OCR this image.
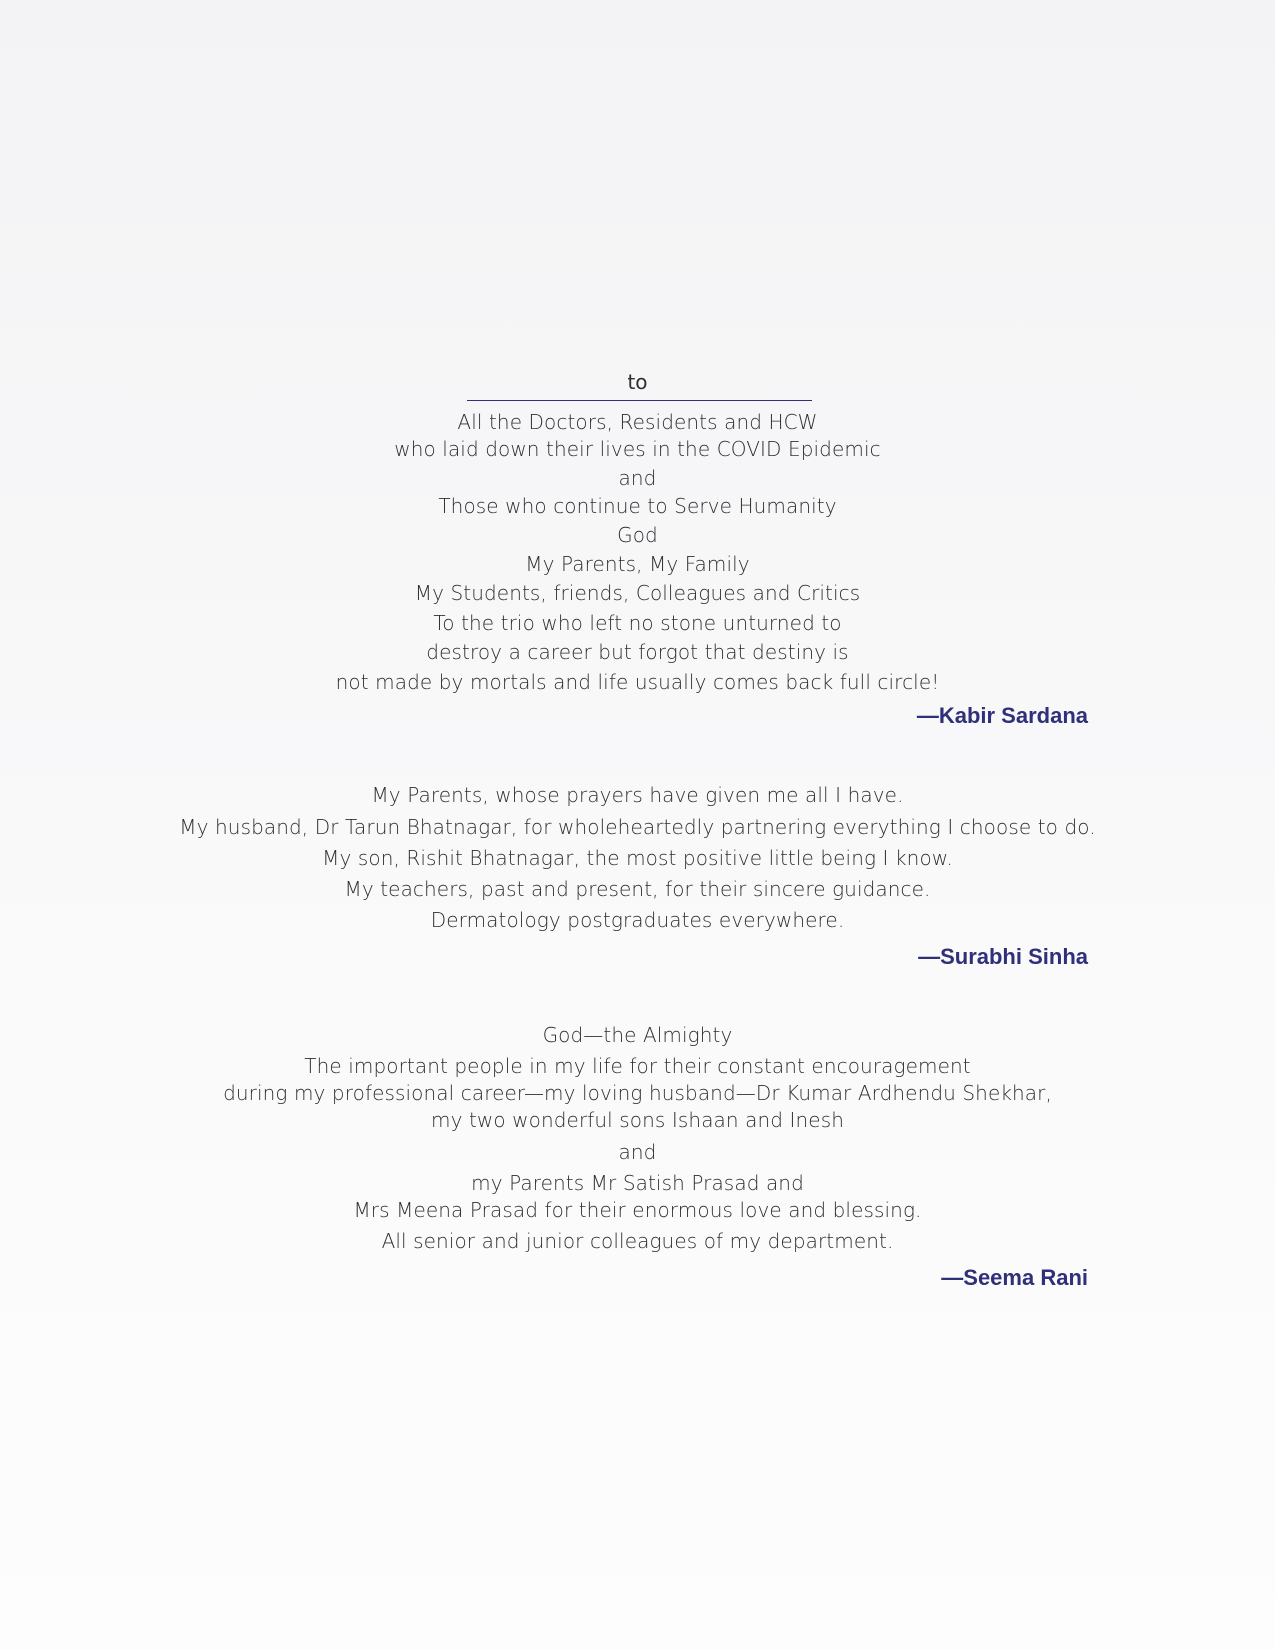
to
All the Doctors, Residents and HCW
who laid down their lives in the COVID Epidemic
and
Those who continue to Serve Humanity
God
My Parents, My Family
My Students, friends, Colleagues and Critics
To the trio who left no stone unturned to
destroy a career but forgot that destiny is
not made by mortals and life usually comes back full circle!
—Kabir Sardana
My Parents, whose prayers have given me all I have.
My husband, Dr Tarun Bhatnagar, for wholeheartedly partnering everything I choose to do.
My son, Rishit Bhatnagar, the most positive little being I know.
My teachers, past and present, for their sincere guidance.
Dermatology postgraduates everywhere.
—Surabhi Sinha
God—the Almighty
The important people in my life for their constant encouragement
during my professional career—my loving husband—Dr Kumar Ardhendu Shekhar,
my two wonderful sons Ishaan and Inesh
and
my Parents Mr Satish Prasad and
Mrs Meena Prasad for their enormous love and blessing.
All senior and junior colleagues of my department.
—Seema Rani
